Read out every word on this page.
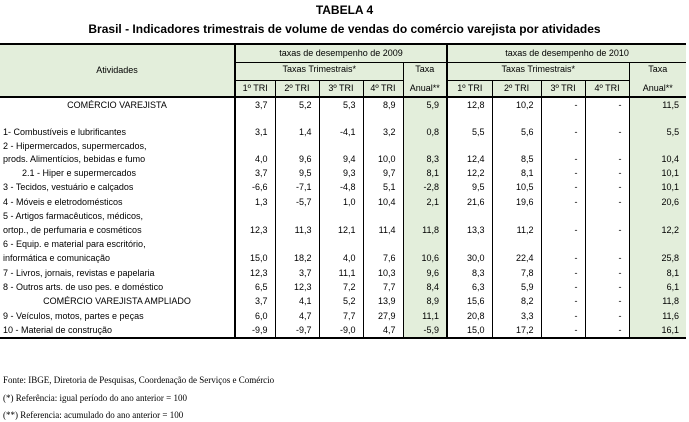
TABELA 4
Brasil - Indicadores trimestrais de volume de vendas do comércio varejista por atividades
Atividades	taxas de desempenho de 2009					taxas de desempenho de 2010				
	Taxas Trimestrais*				Taxa	Taxas Trimestrais*				Taxa

	1º TRI	2º TRI	3º TRI	4º TRI	Anual**	1º TRI	2º TRI	3º TRI	4º TRI	Anual**
COMÉRCIO VAREJISTA	3,7	5,2	5,3	8,9	5,9	12,8	10,2	-	-	11,5

1- Combustíveis e lubrificantes	3,1	1,4	-4,1	3,2	0,8	5,5	5,6	-	-	5,5
2 - Hipermercados, supermercados,										
prods. Alimentícios, bebidas e fumo	4,0	9,6	9,4	10,0	8,3	12,4	8,5	-	-	10,4
2.1 - Hiper e supermercados	3,7	9,5	9,3	9,7	8,1	12,2	8,1	-	-	10,1
3 - Tecidos, vestuário e calçados	-6,6	-7,1	-4,8	5,1	-2,8	9,5	10,5	-	-	10,1
4 - Móveis e eletrodomésticos	1,3	-5,7	1,0	10,4	2,1	21,6	19,6	-	-	20,6
5 - Artigos farmacêuticos, médicos,										
ortop., de perfumaria e cosméticos	12,3	11,3	12,1	11,4	11,8	13,3	11,2	-	-	12,2
6 - Equip. e material para escritório,										
informática e comunicação	15,0	18,2	4,0	7,6	10,6	30,0	22,4	-	-	25,8
7 - Livros, jornais, revistas e papelaria	12,3	3,7	11,1	10,3	9,6	8,3	7,8	-	-	8,1
8 - Outros arts. de uso pes. e doméstico	6,5	12,3	7,2	7,7	8,4	6,3	5,9	-	-	6,1
COMÉRCIO VAREJISTA AMPLIADO	3,7	4,1	5,2	13,9	8,9	15,6	8,2	-	-	11,8
9 - Veículos, motos, partes e peças	6,0	4,7	7,7	27,9	11,1	20,8	3,3	-	-	11,6
10 - Material de construção	-9,9	-9,7	-9,0	4,7	-5,9	15,0	17,2	-	-	16,1
Fonte: IBGE, Diretoria de Pesquisas, Coordenação de Serviços e Comércio
(*) Referência: igual período do ano anterior = 100
(**) Referencia: acumulado do ano anterior = 100
